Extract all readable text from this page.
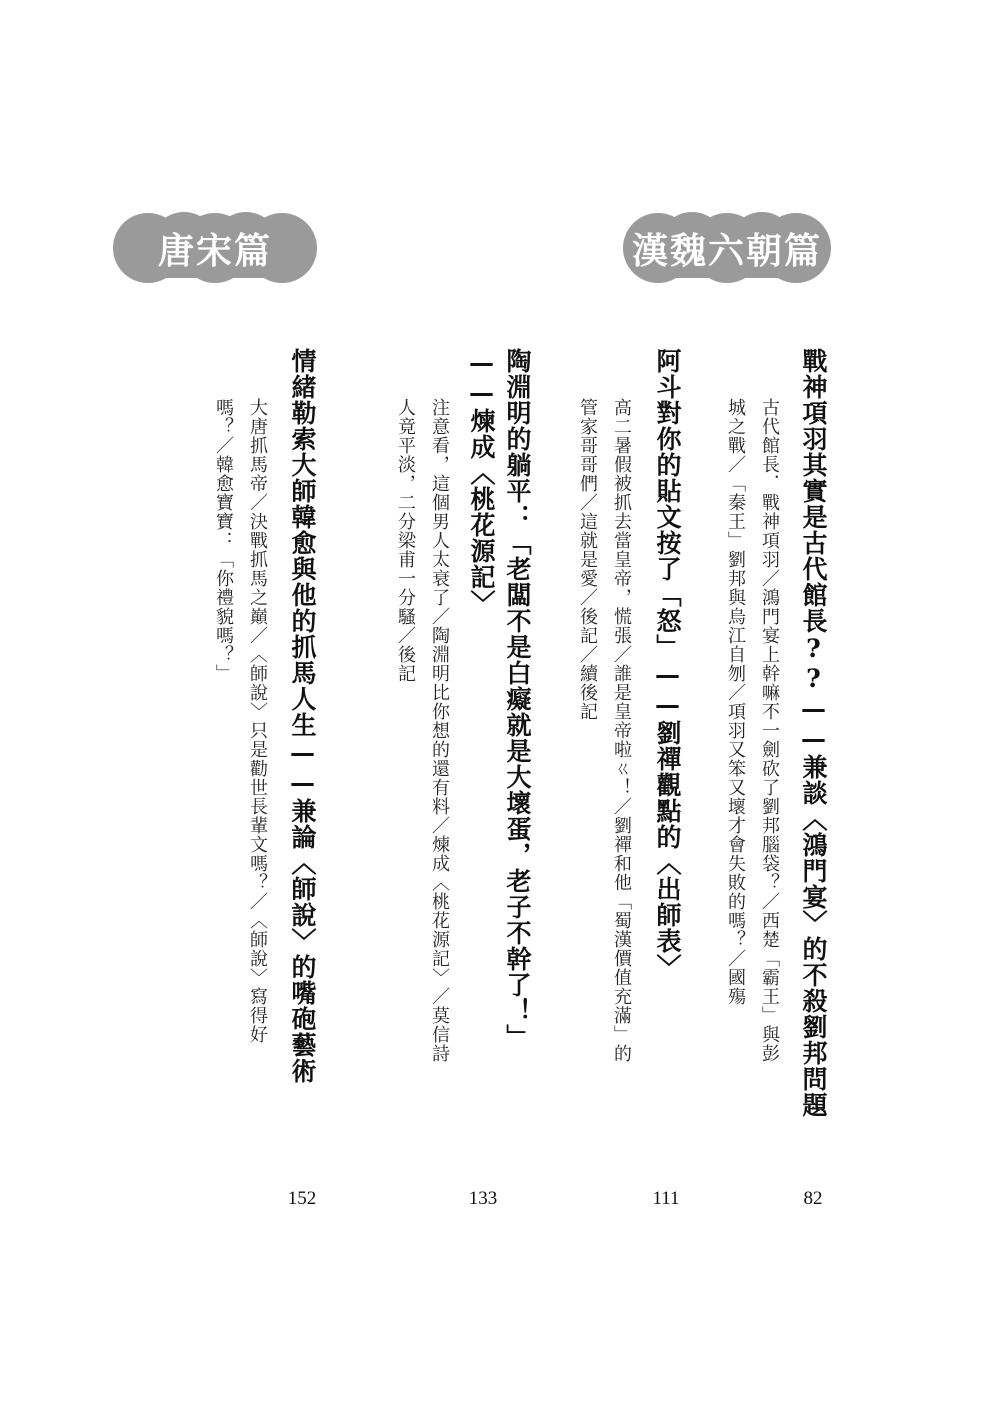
漢魏六朝篇
唐宋篇
戰神項羽其實是古代館長??——兼談〈鴻門宴〉的不殺劉邦問題
古代館長．戰神項羽／鴻門宴上幹嘛不一劍砍了劉邦腦袋？／西楚「霸王」與彭
城之戰／「秦王」劉邦與烏江自刎／項羽又笨又壞才會失敗的嗎？／國殤
82
阿斗對你的貼文按了「怒」——劉禪觀點的〈出師表〉
高二暑假被抓去當皇帝，慌張／誰是皇帝啦ㄍ！／劉禪和他「蜀漢價值充滿」的
管家哥哥們／這就是愛／後記／續後記
111
陶淵明的躺平：「老闆不是白癡就是大壞蛋，老子不幹了！」
——煉成〈桃花源記〉
注意看，這個男人太衰了／陶淵明比你想的還有料／煉成〈桃花源記〉／莫信詩
人竟平淡，二分梁甫一分騷／後記
133
情緒勒索大師韓愈與他的抓馬人生——兼論〈師說〉的嘴砲藝術
大唐抓馬帝／決戰抓馬之巔／〈師說〉只是勸世長輩文嗎？／〈師說〉寫得好
嗎？／韓愈寶寶：「你禮貌嗎？」
152
